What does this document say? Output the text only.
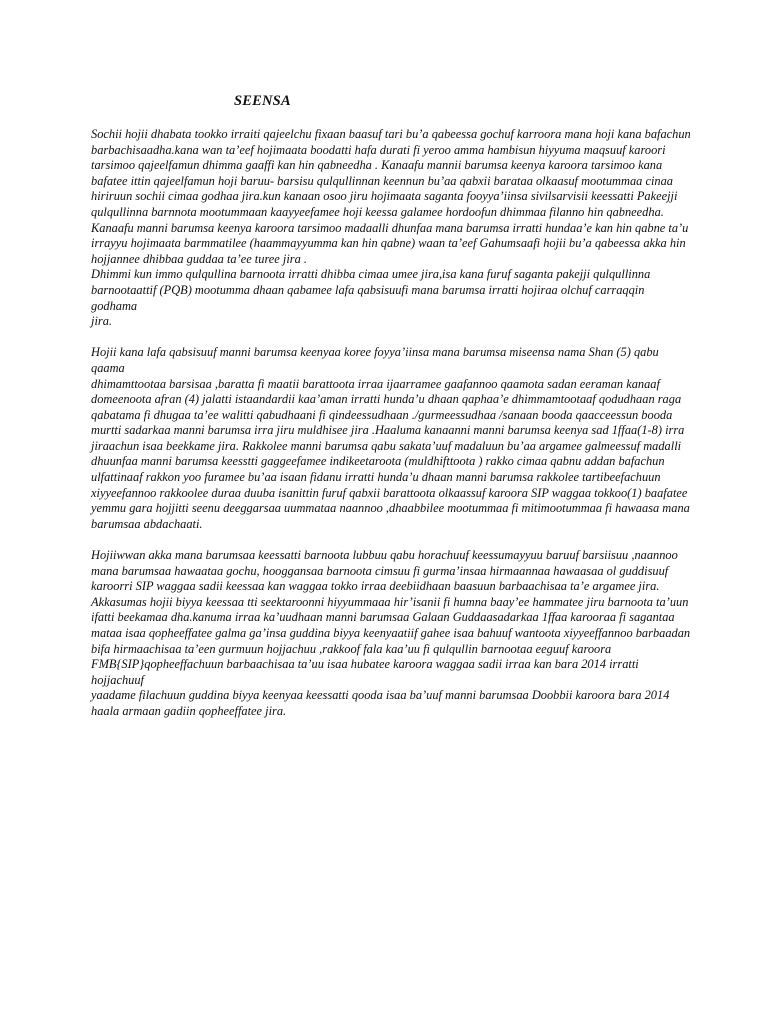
SEENSA

Sochii hojii dhabata tookko irraiti qajeelchu fixaan baasuf tari bu’a qabeessa gochuf karroora mana hoji kana bafachun
barbachisaadha.kana wan ta’eef hojimaata boodatti hafa durati fi yeroo amma hambisun hiyyuma maqsuuf karoori
tarsimoo qajeelfamun dhimma gaaffi kan hin qabneedha . Kanaafu mannii barumsa keenya karoora tarsimoo kana
bafatee ittin qajeelfamun hoji baruu- barsisu qulqullinnan keennun bu’aa qabxii barataa olkaasuf mootummaa cinaa
hiriruun sochii cimaa godhaa jira.kun kanaan osoo jiru hojimaata saganta fooyya’iinsa sivilsarvisii keessatti Pakeejji
qulqullinna barnnota mootummaan kaayyeefamee hoji keessa galamee hordoofun dhimmaa filanno hin qabneedha.
Kanaafu manni barumsa keenya karoora tarsimoo madaalli dhunfaa mana barumsa irratti hundaa’e kan hin qabne ta’u
irrayyu hojimaata barmmatilee (haammayyumma kan hin qabne) waan ta’eef Gahumsaafi hojii bu’a qabeessa akka hin
hojjannee dhibbaa guddaa ta’ee turee jira .
Dhimmi kun immo qulqullina barnoota irratti dhibba cimaa umee jira,isa kana furuf saganta pakejji qulqullinna
barnootaattif (PQB) mootumma dhaan qabamee lafa qabsisuufi mana barumsa irratti hojiraa olchuf carraqqin godhama
jira.

Hojii kana lafa qabsisuuf manni barumsa keenyaa koree foyya’iinsa mana barumsa miseensa nama Shan (5) qabu qaama
dhimamttootaa barsisaa ,baratta fi maatii barattoota irraa ijaarramee gaafannoo qaamota sadan eeraman kanaaf
domeenoota afran (4) jalatti istaandardii kaa’aman irratti hunda’u dhaan qaphaa’e dhimmamtootaaf qodudhaan raga
qabatama fi dhugaa ta’ee walitti qabudhaani fi qindeessudhaan ./gurmeessudhaa /sanaan booda qaacceessun booda
murtti sadarkaa manni barumsa irra jiru muldhisee jira .Haaluma kanaanni manni barumsa keenya sad 1ffaa(1-8) irra
jiraachun isaa beekkame jira. Rakkolee manni barumsa qabu sakata’uuf madaluun bu’aa argamee galmeessuf madalli
dhuunfaa manni barumsa keesstti gaggeefamee indikeetaroota (muldhifttoota ) rakko cimaa qabnu addan bafachun
ulfattinaaf rakkon yoo furamee bu’aa isaan fidanu irratti hunda’u dhaan manni barumsa rakkolee tartibeefachuun
xiyyeefannoo rakkoolee duraa duuba isanittin furuf qabxii barattoota olkaassuf karoora SIP waggaa tokkoo(1) baafatee
yemmu gara hojjitti seenu deeggarsaa uummataa naannoo ,dhaabbilee mootummaa fi mitimootummaa fi hawaasa mana
barumsaa abdachaati.

Hojiiwwan akka mana barumsaa keessatti barnoota lubbuu qabu horachuuf keessumayyuu baruuf barsiisuu ,naannoo
mana barumsaa hawaataa gochu, hooggansaa barnoota cimsuu fi gurma’insaa hirmaannaa hawaasaa ol guddisuuf
karoorri SIP waggaa sadii keessaa kan waggaa tokko irraa deebiidhaan baasuun barbaachisaa ta’e argamee jira.
Akkasumas hojii biyya keessaa tti seektaroonni hiyyummaaa hir’isanii fi humna baay’ee hammatee jiru barnoota ta’uun
ifatti beekamaa dha.kanuma irraa ka’uudhaan manni barumsaa Galaan Guddaasadarkaa 1ffaa karooraa fi sagantaa
mataa isaa qopheeffatee galma ga’insa guddina biyya keenyaatiif gahee isaa bahuuf wantoota xiyyeeffannoo barbaadan
bifa hirmaachisaa ta’een gurmuun hojjachuu ,rakkoof fala kaa’uu fi qulqullin barnootaa eeguuf karoora
FMB{SIP}qopheeffachuun barbaachisaa ta’uu isaa hubatee karoora waggaa sadii irraa kan bara 2014 irratti hojjachuuf
yaadame filachuun guddina biyya keenyaa keessatti qooda isaa ba’uuf manni barumsaa Doobbii karoora bara 2014
haala armaan gadiin qopheeffatee jira.
